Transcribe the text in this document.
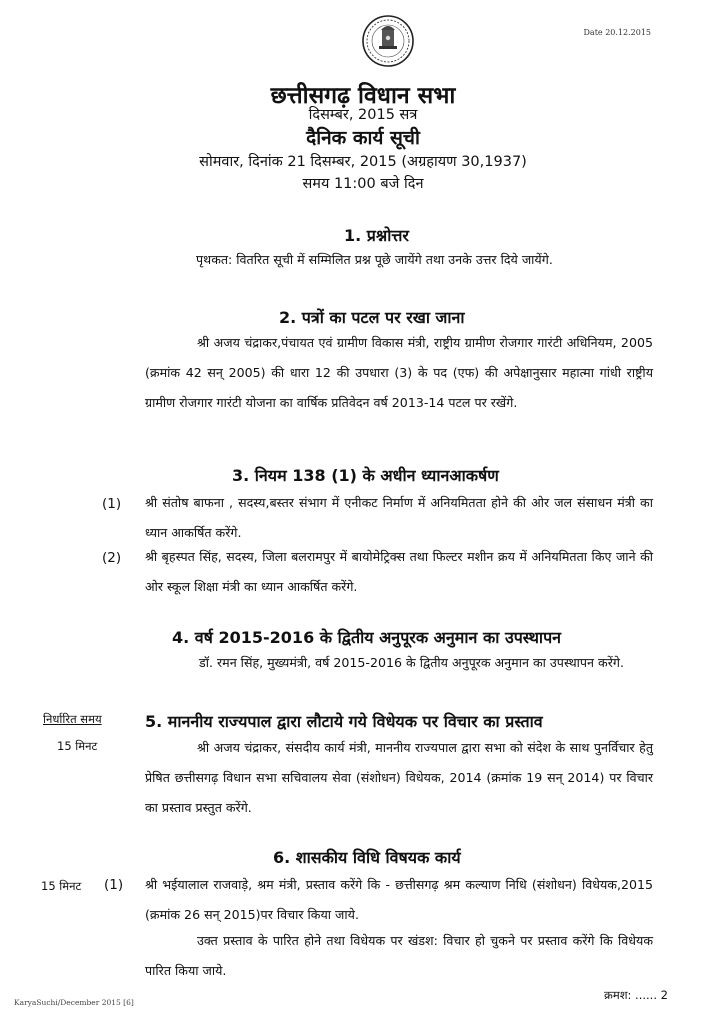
Date 20.12.2015
छत्तीसगढ़ विधान सभा
दिसम्बर, 2015 सत्र
दैनिक कार्य सूची
सोमवार, दिनांक 21 दिसम्बर, 2015 (अग्रहायण 30,1937)
समय 11:00 बजे दिन
1. प्रश्नोत्तर
पृथकत: वितरित सूची में सम्मिलित प्रश्न पूछे जायेंगे तथा उनके उत्तर दिये जायेंगे.
2. पत्रों का पटल पर रखा जाना
श्री अजय चंद्राकर,पंचायत एवं ग्रामीण विकास मंत्री, राष्ट्रीय ग्रामीण रोजगार गारंटी अधिनियम, 2005 (क्रमांक 42 सन् 2005) की धारा 12 की उपधारा (3) के पद (एफ) की अपेक्षानुसार महात्मा गांधी राष्ट्रीय ग्रामीण रोजगार गारंटी योजना का वार्षिक प्रतिवेदन वर्ष 2013-14 पटल पर रखेंगे.
3. नियम 138 (1) के अधीन ध्यानआकर्षण
(1) श्री संतोष बाफना , सदस्य,बस्तर संभाग में एनीकट निर्माण में अनियमितता होने की ओर जल संसाधन मंत्री का ध्यान आकर्षित करेंगे.
(2) श्री बृहस्पत सिंह, सदस्य, जिला बलरामपुर में बायोमेट्रिक्स तथा फिल्टर मशीन क्रय में अनियमितता किए जाने की ओर स्कूल शिक्षा मंत्री का ध्यान आकर्षित करेंगे.
4. वर्ष 2015-2016 के द्वितीय अनुपूरक अनुमान का उपस्थापन
डॉ. रमन सिंह, मुख्यमंत्री, वर्ष 2015-2016 के द्वितीय अनुपूरक अनुमान का उपस्थापन करेंगे.
निर्धारित समय
15 मिनट
5. माननीय राज्यपाल द्वारा लौटाये गये विधेयक पर विचार का प्रस्ताव
श्री अजय चंद्राकर, संसदीय कार्य मंत्री, माननीय राज्यपाल द्वारा सभा को संदेश के साथ पुनर्विचार हेतु प्रेषित छत्तीसगढ़ विधान सभा सचिवालय सेवा (संशोधन) विधेयक, 2014 (क्रमांक 19 सन् 2014) पर विचार का प्रस्ताव प्रस्तुत करेंगे.
6. शासकीय विधि विषयक कार्य
15 मिनट (1) श्री भईयालाल राजवाड़े, श्रम मंत्री, प्रस्ताव करेंगे कि - छत्तीसगढ़ श्रम कल्याण निधि (संशोधन) विधेयक,2015 (क्रमांक 26 सन् 2015)पर विचार किया जाये.
उक्त प्रस्ताव के पारित होने तथा विधेयक पर खंडश: विचार हो चुकने पर प्रस्ताव करेंगे कि विधेयक पारित किया जाये.
KaryaSuchi/December 2015 [6]
क्रमश: ...... 2
